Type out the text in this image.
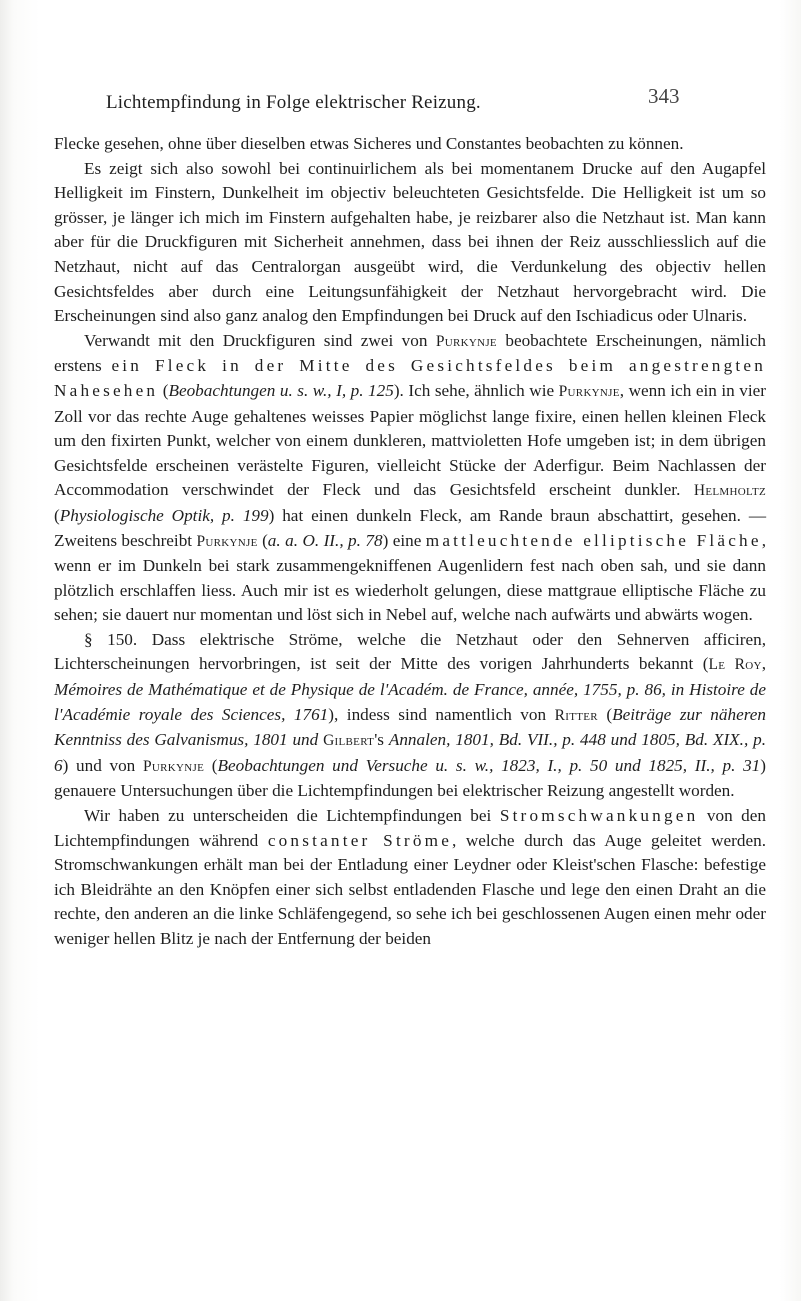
Lichtempfindung in Folge elektrischer Reizung.	343

Flecke gesehen, ohne über dieselben etwas Sicheres und Constantes beobachten zu können.

Es zeigt sich also sowohl bei continuirlichem als bei momentanem Drucke auf den Augapfel Helligkeit im Finstern, Dunkelheit im objectiv beleuchteten Gesichtsfelde. Die Helligkeit ist um so grösser, je länger ich mich im Finstern aufgehalten habe, je reizbarer also die Netzhaut ist. Man kann aber für die Druckfiguren mit Sicherheit annehmen, dass bei ihnen der Reiz ausschliesslich auf die Netzhaut, nicht auf das Centralorgan ausgeübt wird, die Verdunkelung des objectiv hellen Gesichtsfeldes aber durch eine Leitungsunfähigkeit der Netzhaut hervorgebracht wird. Die Erscheinungen sind also ganz analog den Empfindungen bei Druck auf den Ischiadicus oder Ulnaris.

Verwandt mit den Druckfiguren sind zwei von Purkynje beobachtete Erscheinungen, nämlich erstens ein Fleck in der Mitte des Gesichtsfeldes beim angestrengten Nahesehen (Beobachtungen u. s. w., I, p. 125). Ich sehe, ähnlich wie Purkynje, wenn ich ein in vier Zoll vor das rechte Auge gehaltenes weisses Papier möglichst lange fixire, einen hellen kleinen Fleck um den fixirten Punkt, welcher von einem dunkleren, mattvioletten Hofe umgeben ist; in dem übrigen Gesichtsfelde erscheinen verästelte Figuren, vielleicht Stücke der Aderfigur. Beim Nachlassen der Accommodation verschwindet der Fleck und das Gesichtsfeld erscheint dunkler. Helmholtz (Physiologische Optik, p. 199) hat einen dunkeln Fleck, am Rande braun abschattirt, gesehen. — Zweitens beschreibt Purkynje (a. a. O. II., p. 78) eine mattleuchtende elliptische Fläche, wenn er im Dunkeln bei stark zusammengekniffenen Augenlidern fest nach oben sah, und sie dann plötzlich erschlaffen liess. Auch mir ist es wiederholt gelungen, diese mattgraue elliptische Fläche zu sehen; sie dauert nur momentan und löst sich in Nebel auf, welche nach aufwärts und abwärts wogen.

§ 150. Dass elektrische Ströme, welche die Netzhaut oder den Sehnerven afficiren, Lichterscheinungen hervorbringen, ist seit der Mitte des vorigen Jahrhunderts bekannt (Le Roy, Mémoires de Mathématique et de Physique de l'Académ. de France, année, 1755, p. 86, in Histoire de l'Académie royale des Sciences, 1761), indess sind namentlich von Ritter (Beiträge zur näheren Kenntniss des Galvanismus, 1801 und Gilbert's Annalen, 1801, Bd. VII., p. 448 und 1805, Bd. XIX., p. 6) und von Purkynje (Beobachtungen und Versuche u. s. w., 1823, I., p. 50 und 1825, II., p. 31) genauere Untersuchungen über die Lichtempfindungen bei elektrischer Reizung angestellt worden.

Wir haben zu unterscheiden die Lichtempfindungen bei Stromschwankungen von den Lichtempfindungen während constanter Ströme, welche durch das Auge geleitet werden. Stromschwankungen erhält man bei der Entladung einer Leydner oder Kleist'schen Flasche: befestige ich Bleidrähte an den Knöpfen einer sich selbst entladenden Flasche und lege den einen Draht an die rechte, den anderen an die linke Schläfengegend, so sehe ich bei geschlossenen Augen einen mehr oder weniger hellen Blitz je nach der Entfernung der beiden
